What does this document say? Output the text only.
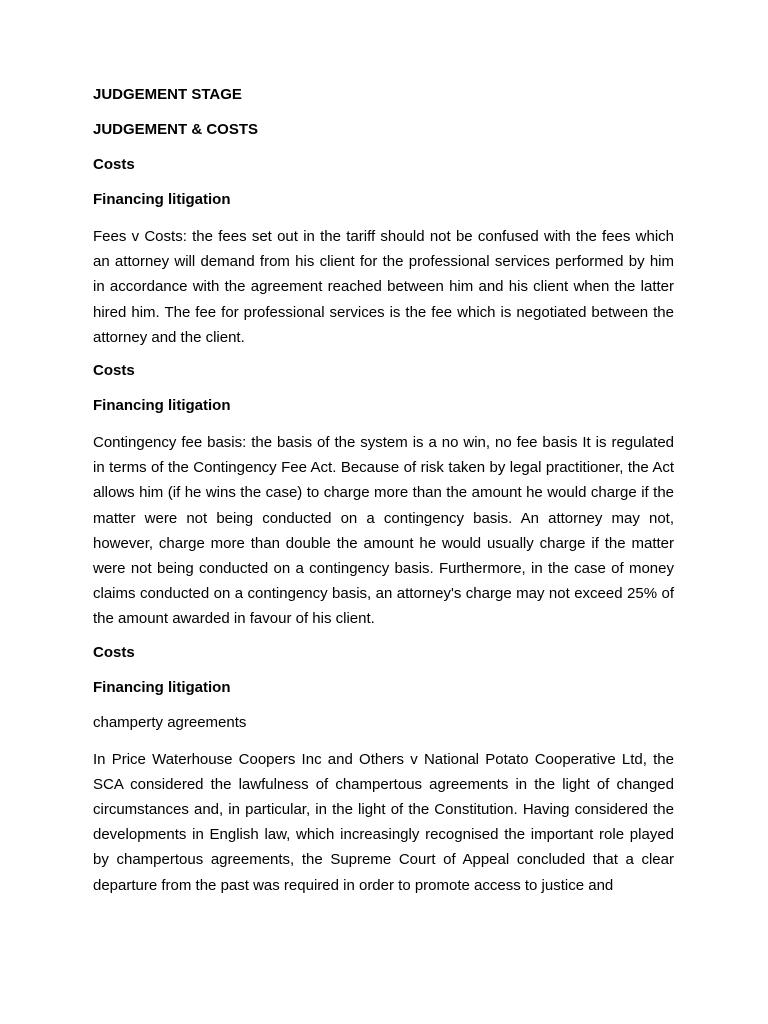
JUDGEMENT STAGE
JUDGEMENT & COSTS
Costs
Financing litigation
Fees v Costs: the fees set out in the tariff should not be confused with the fees which an attorney will demand from his client for the professional services performed by him in accordance with the agreement reached between him and his client when the latter hired him. The fee for professional services is the fee which is negotiated between the attorney and the client.
Costs
Financing litigation
Contingency fee basis: the basis of the system is a no win, no fee basis It is regulated in terms of the Contingency Fee Act. Because of risk taken by legal practitioner, the Act allows him (if he wins the case) to charge more than the amount he would charge if the matter were not being conducted on a contingency basis. An attorney may not, however, charge more than double the amount he would usually charge if the matter were not being conducted on a contingency basis. Furthermore, in the case of money claims conducted on a contingency basis, an attorney's charge may not exceed 25% of the amount awarded in favour of his client.
Costs
Financing litigation
champerty agreements
In Price Waterhouse Coopers Inc and Others v National Potato Cooperative Ltd, the SCA considered the lawfulness of champertous agreements in the light of changed circumstances and, in particular, in the light of the Constitution. Having considered the developments in English law, which increasingly recognised the important role played by champertous agreements, the Supreme Court of Appeal concluded that a clear departure from the past was required in order to promote access to justice and
